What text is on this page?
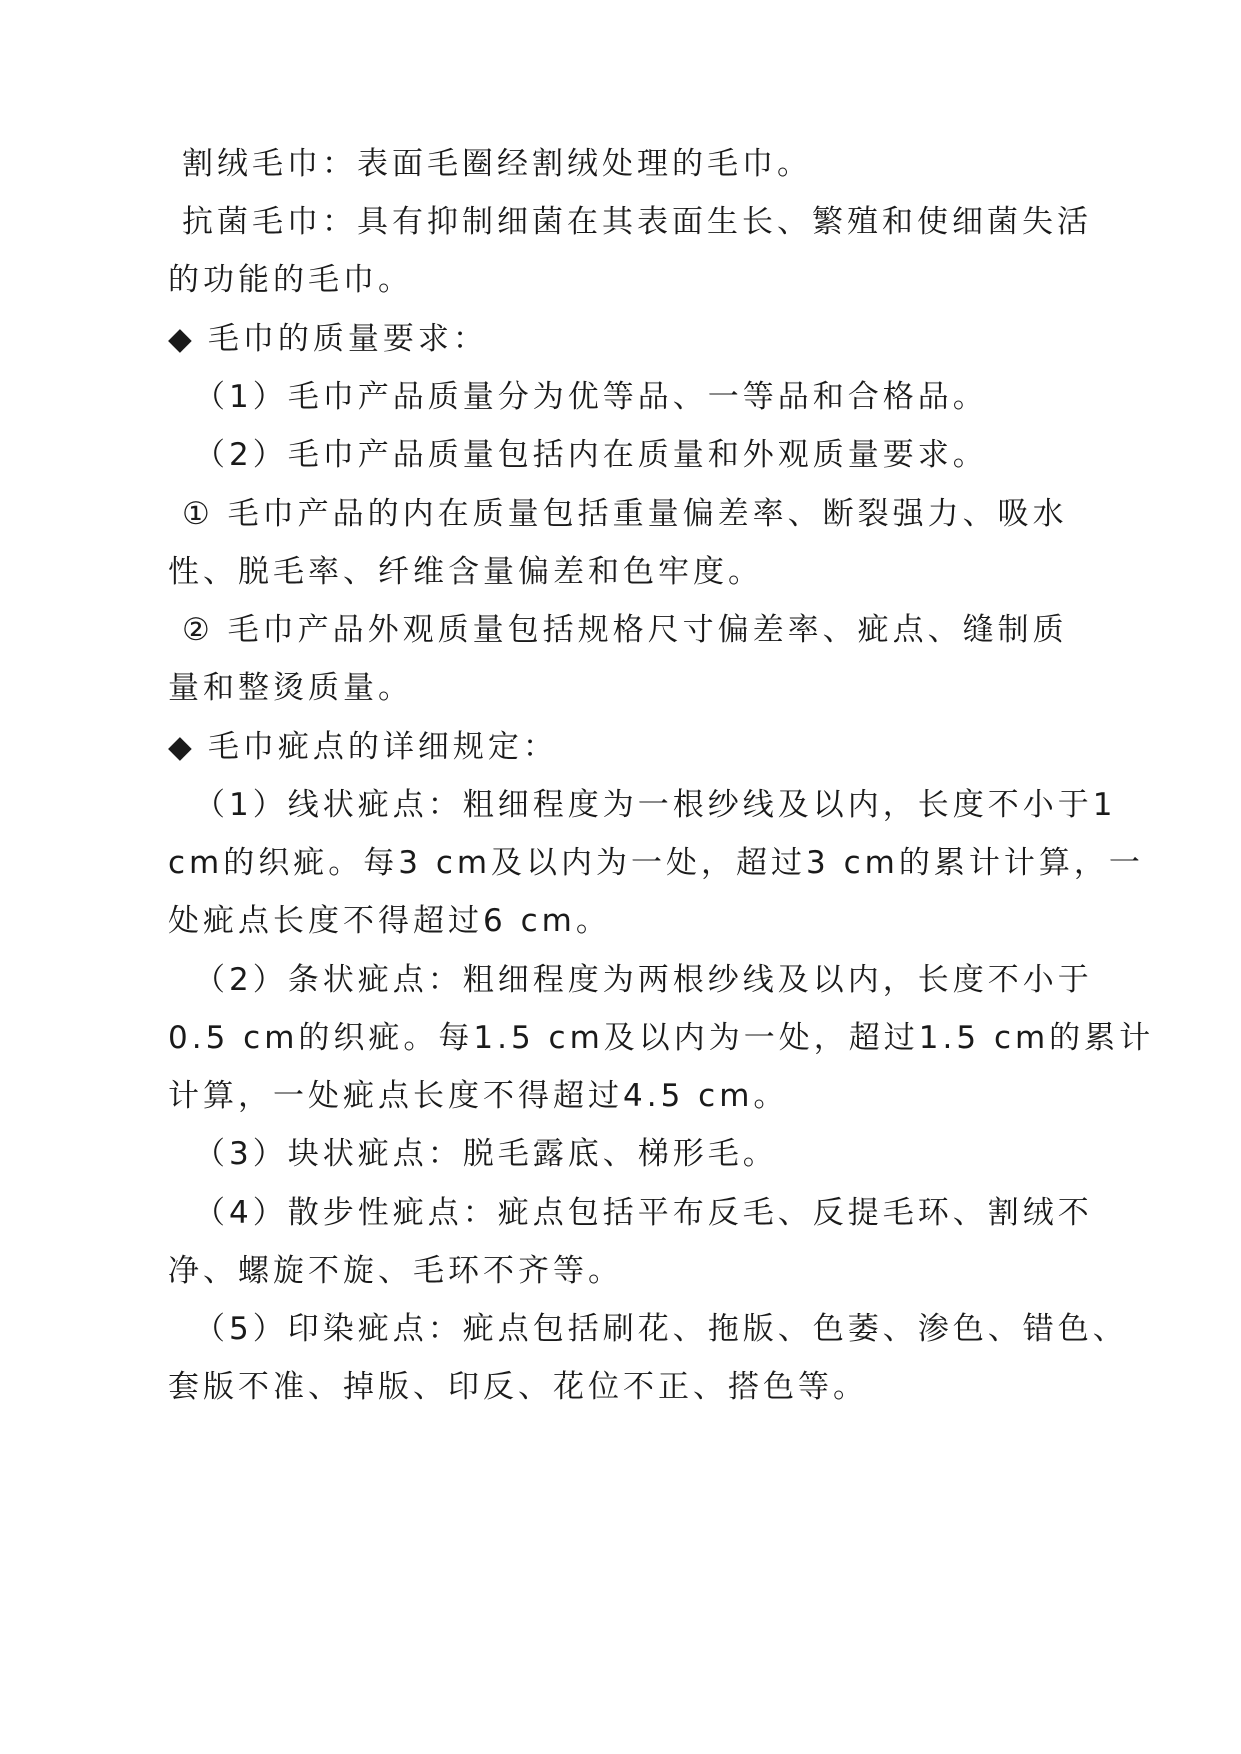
割绒毛巾：表面毛圈经割绒处理的毛巾。
抗菌毛巾：具有抑制细菌在其表面生长、繁殖和使细菌失活
的功能的毛巾。
◆ 毛巾的质量要求：
（1）毛巾产品质量分为优等品、一等品和合格品。
（2）毛巾产品质量包括内在质量和外观质量要求。
① 毛巾产品的内在质量包括重量偏差率、断裂强力、吸水
性、脱毛率、纤维含量偏差和色牢度。
② 毛巾产品外观质量包括规格尺寸偏差率、疵点、缝制质
量和整烫质量。
◆ 毛巾疵点的详细规定：
（1）线状疵点：粗细程度为一根纱线及以内，长度不小于1
cm的织疵。每3 cm及以内为一处，超过3 cm的累计计算，一
处疵点长度不得超过6 cm。
（2）条状疵点：粗细程度为两根纱线及以内，长度不小于
0.5 cm的织疵。每1.5 cm及以内为一处，超过1.5 cm的累计
计算，一处疵点长度不得超过4.5 cm。
（3）块状疵点：脱毛露底、梯形毛。
（4）散步性疵点：疵点包括平布反毛、反提毛环、割绒不
净、螺旋不旋、毛环不齐等。
（5）印染疵点：疵点包括刷花、拖版、色萎、渗色、错色、
套版不准、掉版、印反、花位不正、搭色等。
